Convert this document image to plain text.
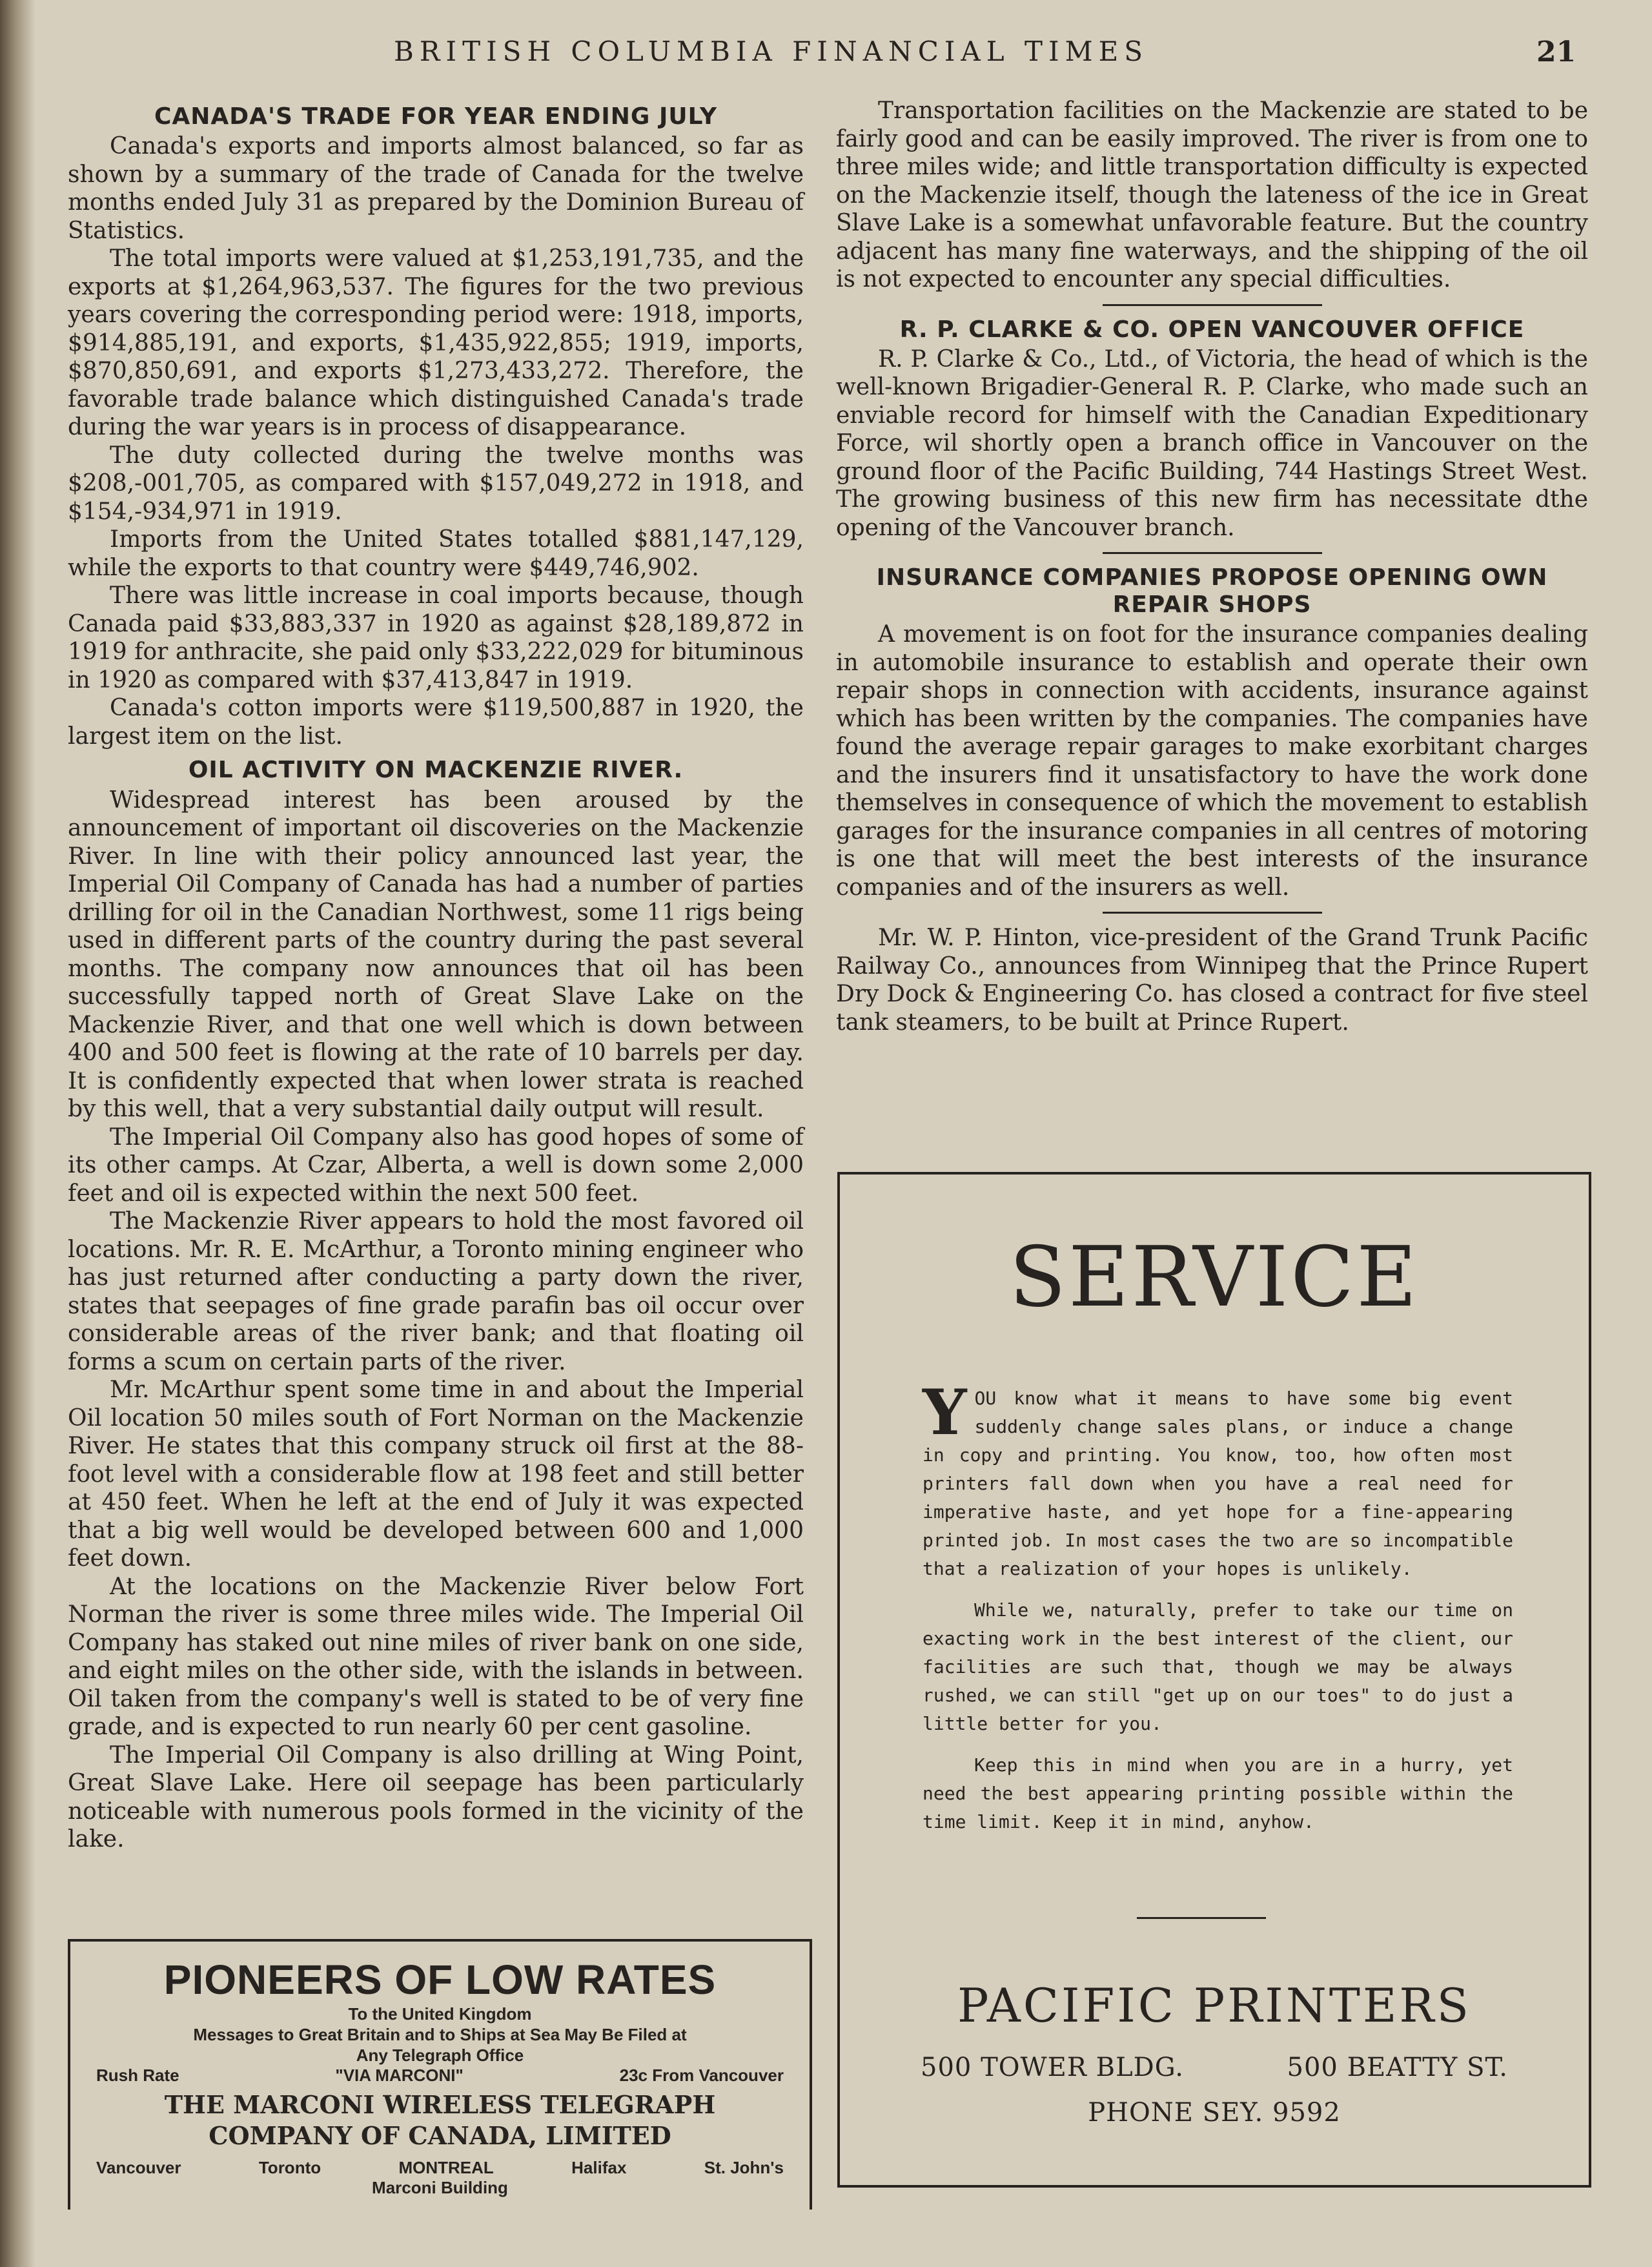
BRITISH COLUMBIA FINANCIAL TIMES	21
CANADA'S TRADE FOR YEAR ENDING JULY

Canada's exports and imports almost balanced, so far as shown by a summary of the trade of Canada for the twelve months ended July 31 as prepared by the Dominion Bureau of Statistics.

The total imports were valued at $1,253,191,735, and the exports at $1,264,963,537. The figures for the two previous years covering the corresponding period were: 1918, imports, $914,885,191, and exports, $1,435,922,855; 1919, imports, $870,850,691, and exports $1,273,433,272. Therefore, the favorable trade balance which distinguished Canada's trade during the war years is in process of disappearance.

The duty collected during the twelve months was $208,-001,705, as compared with $157,049,272 in 1918, and $154,-934,971 in 1919.

Imports from the United States totalled $881,147,129, while the exports to that country were $449,746,902.

There was little increase in coal imports because, though Canada paid $33,883,337 in 1920 as against $28,189,872 in 1919 for anthracite, she paid only $33,222,029 for bituminous in 1920 as compared with $37,413,847 in 1919.

Canada's cotton imports were $119,500,887 in 1920, the largest item on the list.

OIL ACTIVITY ON MACKENZIE RIVER.

Widespread interest has been aroused by the announcement of important oil discoveries on the Mackenzie River. In line with their policy announced last year, the Imperial Oil Company of Canada has had a number of parties drilling for oil in the Canadian Northwest, some 11 rigs being used in different parts of the country during the past several months. The company now announces that oil has been successfully tapped north of Great Slave Lake on the Mackenzie River, and that one well which is down between 400 and 500 feet is flowing at the rate of 10 barrels per day. It is confidently expected that when lower strata is reached by this well, that a very substantial daily output will result.

The Imperial Oil Company also has good hopes of some of its other camps. At Czar, Alberta, a well is down some 2,000 feet and oil is expected within the next 500 feet.

The Mackenzie River appears to hold the most favored oil locations. Mr. R. E. McArthur, a Toronto mining engineer who has just returned after conducting a party down the river, states that seepages of fine grade parafin bas oil occur over considerable areas of the river bank; and that floating oil forms a scum on certain parts of the river.

Mr. McArthur spent some time in and about the Imperial Oil location 50 miles south of Fort Norman on the Mackenzie River. He states that this company struck oil first at the 88-foot level with a considerable flow at 198 feet and still better at 450 feet. When he left at the end of July it was expected that a big well would be developed between 600 and 1,000 feet down.

At the locations on the Mackenzie River below Fort Norman the river is some three miles wide. The Imperial Oil Company has staked out nine miles of river bank on one side, and eight miles on the other side, with the islands in between. Oil taken from the company's well is stated to be of very fine grade, and is expected to run nearly 60 per cent gasoline.

The Imperial Oil Company is also drilling at Wing Point, Great Slave Lake. Here oil seepage has been particularly noticeable with numerous pools formed in the vicinity of the lake.

Transportation facilities on the Mackenzie are stated to be fairly good and can be easily improved. The river is from one to three miles wide; and little transportation difficulty is expected on the Mackenzie itself, though the lateness of the ice in Great Slave Lake is a somewhat unfavorable feature. But the country adjacent has many fine waterways, and the shipping of the oil is not expected to encounter any special difficulties.

R. P. CLARKE & CO. OPEN VANCOUVER OFFICE

R. P. Clarke & Co., Ltd., of Victoria, the head of which is the well-known Brigadier-General R. P. Clarke, who made such an enviable record for himself with the Canadian Expeditionary Force, wil shortly open a branch office in Vancouver on the ground floor of the Pacific Building, 744 Hastings Street West. The growing business of this new firm has necessitate dthe opening of the Vancouver branch.

INSURANCE COMPANIES PROPOSE OPENING OWN REPAIR SHOPS

A movement is on foot for the insurance companies dealing in automobile insurance to establish and operate their own repair shops in connection with accidents, insurance against which has been written by the companies. The companies have found the average repair garages to make exorbitant charges and the insurers find it unsatisfactory to have the work done themselves in consequence of which the movement to establish garages for the insurance companies in all centres of motoring is one that will meet the best interests of the insurance companies and of the insurers as well.

Mr. W. P. Hinton, vice-president of the Grand Trunk Pacific Railway Co., announces from Winnipeg that the Prince Rupert Dry Dock & Engineering Co. has closed a contract for five steel tank steamers, to be built at Prince Rupert.

SERVICE

YOU know what it means to have some big event suddenly change sales plans, or induce a change in copy and printing. You know, too, how often most printers fall down when you have a real need for imperative haste, and yet hope for a fine-appearing printed job. In most cases the two are so incompatible that a realization of your hopes is unlikely.

While we, naturally, prefer to take our time on exacting work in the best interest of the client, our facilities are such that, though we may be always rushed, we can still "get up on our toes" to do just a little better for you.

Keep this in mind when you are in a hurry, yet need the best appearing printing possible within the time limit. Keep it in mind, anyhow.

PACIFIC PRINTERS
500 TOWER BLDG.	500 BEATTY ST.
PHONE SEY. 9592
PIONEERS OF LOW RATES
To the United Kingdom
Messages to Great Britain and to Ships at Sea May Be Filed at
Any Telegraph Office
Rush Rate	"VIA MARCONI"	23c From Vancouver
THE MARCONI WIRELESS TELEGRAPH
COMPANY OF CANADA, LIMITED
Vancouver	Toronto	MONTREAL	Halifax	St. John's
Marconi Building
